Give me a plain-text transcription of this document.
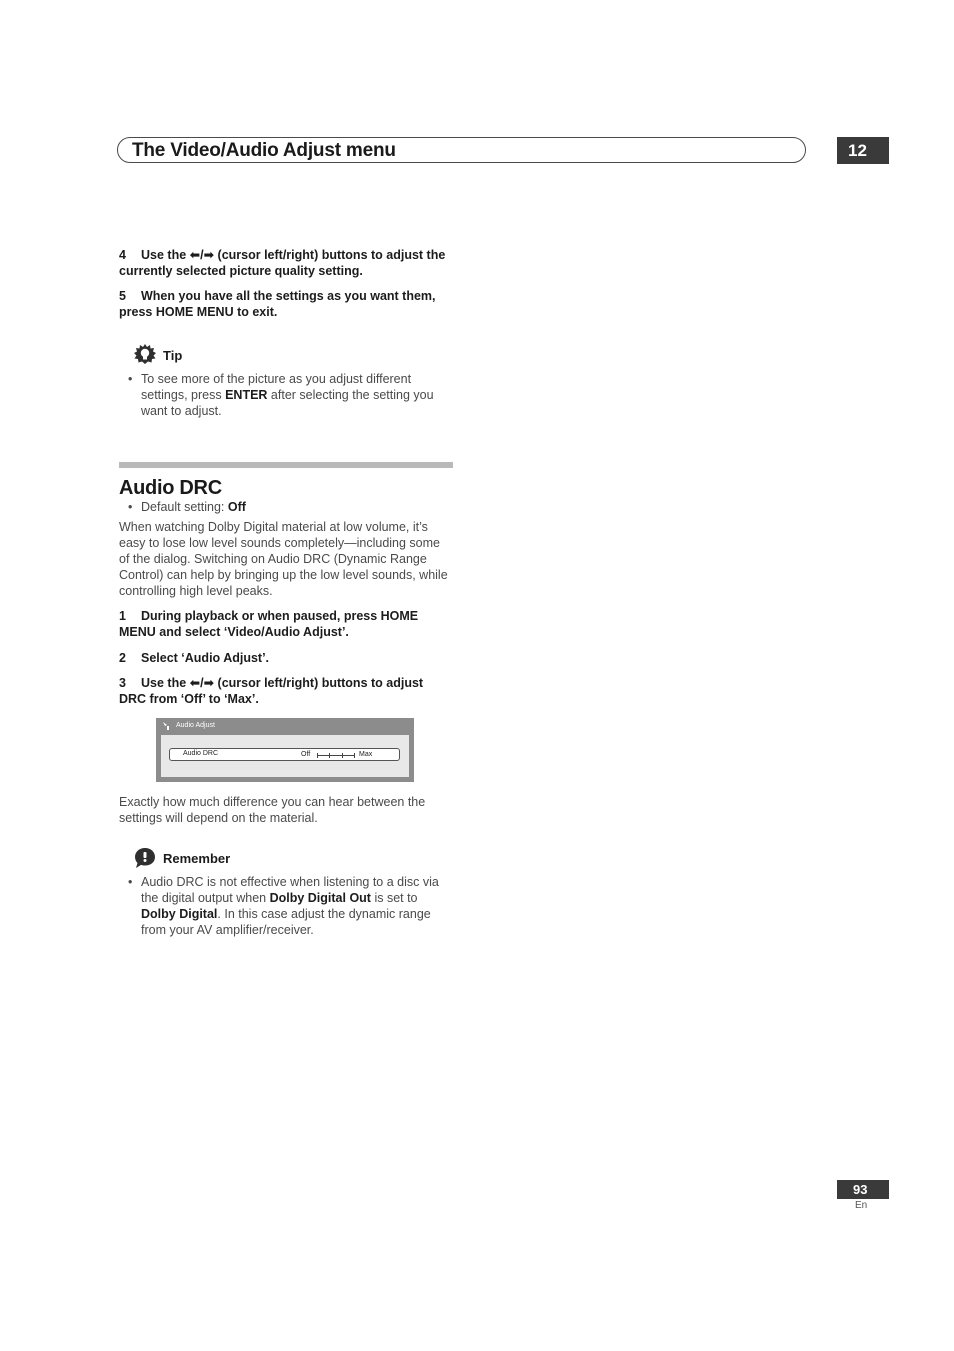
The Video/Audio Adjust menu	12

4 Use the ⬅/➡ (cursor left/right) buttons to adjust the currently selected picture quality setting.

5 When you have all the settings as you want them, press HOME MENU to exit.

Tip
• To see more of the picture as you adjust different settings, press ENTER after selecting the setting you want to adjust.
Audio DRC
• Default setting: Off

When watching Dolby Digital material at low volume, it’s easy to lose low level sounds completely—including some of the dialog. Switching on Audio DRC (Dynamic Range Control) can help by bringing up the low level sounds, while controlling high level peaks.

1 During playback or when paused, press HOME MENU and select ‘Video/Audio Adjust’.

2 Select ‘Audio Adjust’.

3 Use the ⬅/➡ (cursor left/right) buttons to adjust DRC from ‘Off’ to ‘Max’.

Audio Adjust
Audio DRC	Off	Max

Exactly how much difference you can hear between the settings will depend on the material.

Remember
• Audio DRC is not effective when listening to a disc via the digital output when Dolby Digital Out is set to Dolby Digital. In this case adjust the dynamic range from your AV amplifier/receiver.
93
En
